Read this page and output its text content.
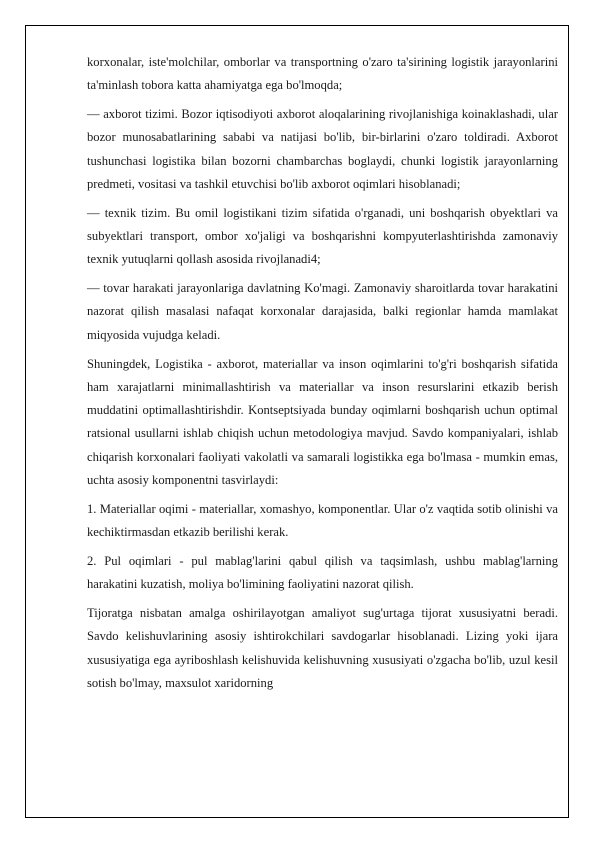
korxonalar, iste'molchilar, omborlar va transportning o'zaro ta'sirining logistik jarayonlarini ta'minlash tobora katta ahamiyatga ega bo'lmoqda;

— axborot tizimi. Bozor iqtisodiyoti axborot aloqalarining rivojlanishiga koinaklashadi, ular bozor munosabatlarining sababi va natijasi bo'lib, bir-birlarini o'zaro toldiradi. Axborot tushunchasi logistika bilan bozorni chambarchas boglaydi, chunki logistik jarayonlarning predmeti, vositasi va tashkil etuvchisi bo'lib axborot oqimlari hisoblanadi;

— texnik tizim. Bu omil logistikani tizim sifatida o'rganadi, uni boshqarish obyektlari va subyektlari transport, ombor xo'jaligi va boshqarishni kompyuterlashtirishda zamonaviy texnik yutuqlarni qollash asosida rivojlanadi4;

— tovar harakati jarayonlariga davlatning Ko'magi. Zamonaviy sharoitlarda tovar harakatini nazorat qilish masalasi nafaqat korxonalar darajasida, balki regionlar hamda mamlakat miqyosida vujudga keladi.

Shuningdek, Logistika - axborot, materiallar va inson oqimlarini to'g'ri boshqarish sifatida ham xarajatlarni minimallashtirish va materiallar va inson resurslarini etkazib berish muddatini optimallashtirishdir. Kontseptsiyada bunday oqimlarni boshqarish uchun optimal ratsional usullarni ishlab chiqish uchun metodologiya mavjud. Savdo kompaniyalari, ishlab chiqarish korxonalari faoliyati vakolatli va samarali logistikka ega bo'lmasa - mumkin emas, uchta asosiy komponentni tasvirlaydi:

1. Materiallar oqimi - materiallar, xomashyo, komponentlar. Ular o'z vaqtida sotib olinishi va kechiktirmasdan etkazib berilishi kerak.

2. Pul oqimlari - pul mablag'larini qabul qilish va taqsimlash, ushbu mablag'larning harakatini kuzatish, moliya bo'limining faoliyatini nazorat qilish.

Tijoratga nisbatan amalga oshirilayotgan amaliyot sug'urtaga tijorat xususiyatni beradi. Savdo kelishuvlarining asosiy ishtirokchilari savdogarlar hisoblanadi. Lizing yoki ijara xususiyatiga ega ayriboshlash kelishuvida kelishuvning xususiyati o'zgacha bo'lib, uzul kesil sotish bo'lmay, maxsulot xaridorning
